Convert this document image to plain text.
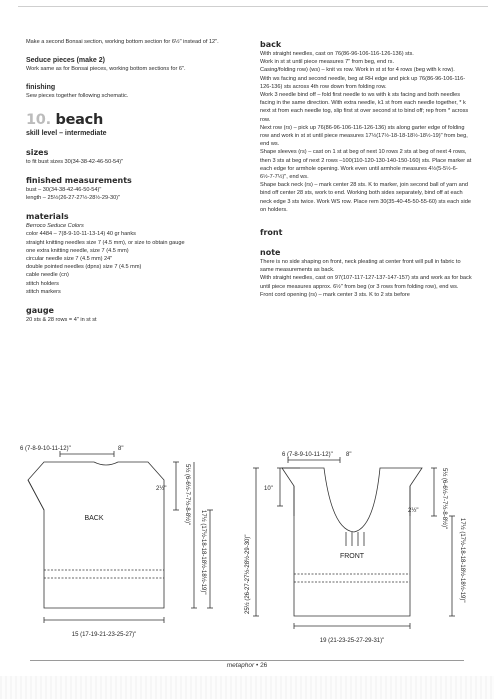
Make a second Bonsai section, working bottom section for 6½" instead of 12".

Seduce pieces (make 2)

Work same as for Bonsai pieces, working bottom sections for 6".

finishing

Sew pieces together following schematic.

10. beach

skill level – intermediate

sizes

to fit bust sizes 30(34-38-42-46-50-54)"

finished measurements

bust – 30(34-38-42-46-50-54)"

length – 25½(26-27-27½-28½-29-30)"

materials

Berroco Seduce Colors

color 4484 – 7(8-9-10-11-13-14) 40 gr hanks

straight knitting needles size 7 (4.5 mm), or size to obtain gauge

one extra knitting needle, size 7 (4.5 mm)

circular needle size 7 (4.5 mm) 24"

double pointed needles (dpns) size 7 (4.5 mm)

cable needle (cn)

stitch holders

stitch markers

gauge

20 sts & 28 rows = 4" in st st

back

With straight needles, cast on 76(86-96-106-116-126-136) sts.

Work in st st until piece measures 7" from beg, end rs.

Casing/folding row) (ws) – knit vs row. Work in st st for 4 rows (beg with k row).

With ws facing and second needle, beg at RH edge and pick up 76(86-96-106-116-126-136) sts across 4th row down from folding row.

Work 3 needle bind off – fold first needle to ws with k sts facing and both needles facing in the same direction. With extra needle, k1 st from each needle together, * k next st from each needle tog, slip first st over second st to bind off; rep from * across row.

Next row (rs) – pick up 76(86-96-106-116-126-136) sts along garter edge of folding row and work in st st until piece measures 17½(17½-18-18-18½-18½-19)" from beg, end ws.

Shape sleeves (rs) – cast on 1 st at beg of next 10 rows 2 sts at beg of next 4 rows, then 3 sts at beg of next 2 rows –100(110-120-130-140-150-160) sts. Place marker at each edge for armhole opening. Work even until armhole measures 4½(5-5½-6-6½-7-7½)", end ws.

Shape back neck (rs) – mark center 28 sts. K to marker, join second ball of yarn and bind off center 28 sts, work to end. Working both sides separately, bind off at each neck edge 3 sts twice. Work WS row. Place rem 30(35-40-45-50-55-60) sts each side on holders.

front

note

There is no side shaping on front, neck pleating at center front will pull in fabric to same measurements as back.

With straight needles, cast on 97(107-117-127-137-147-157) sts and work as for back until piece measures approx. 6½" from beg (or 3 rows from folding row), end ws.

Front cord opening (rs) – mark center 3 sts. K to 2 sts before

6 (7-8-9-10-11-12)"	8"
BACK
2½"	5½ (6-6½-7-7½-8-8½)"
17½ (17½-18-18-18½-18½-19)"
15 (17-19-21-23-25-27)"
6 (7-8-9-10-11-12)" 8"
10"
25½ (26-27-27½-28½-29-30)"	FRONT
2½"	5½ (6-6½-7-7½-8-8½)"
17½ (17½-18-18-18½-18½-19)"
19 (21-23-25-27-29-31)"
metaphor • 26
